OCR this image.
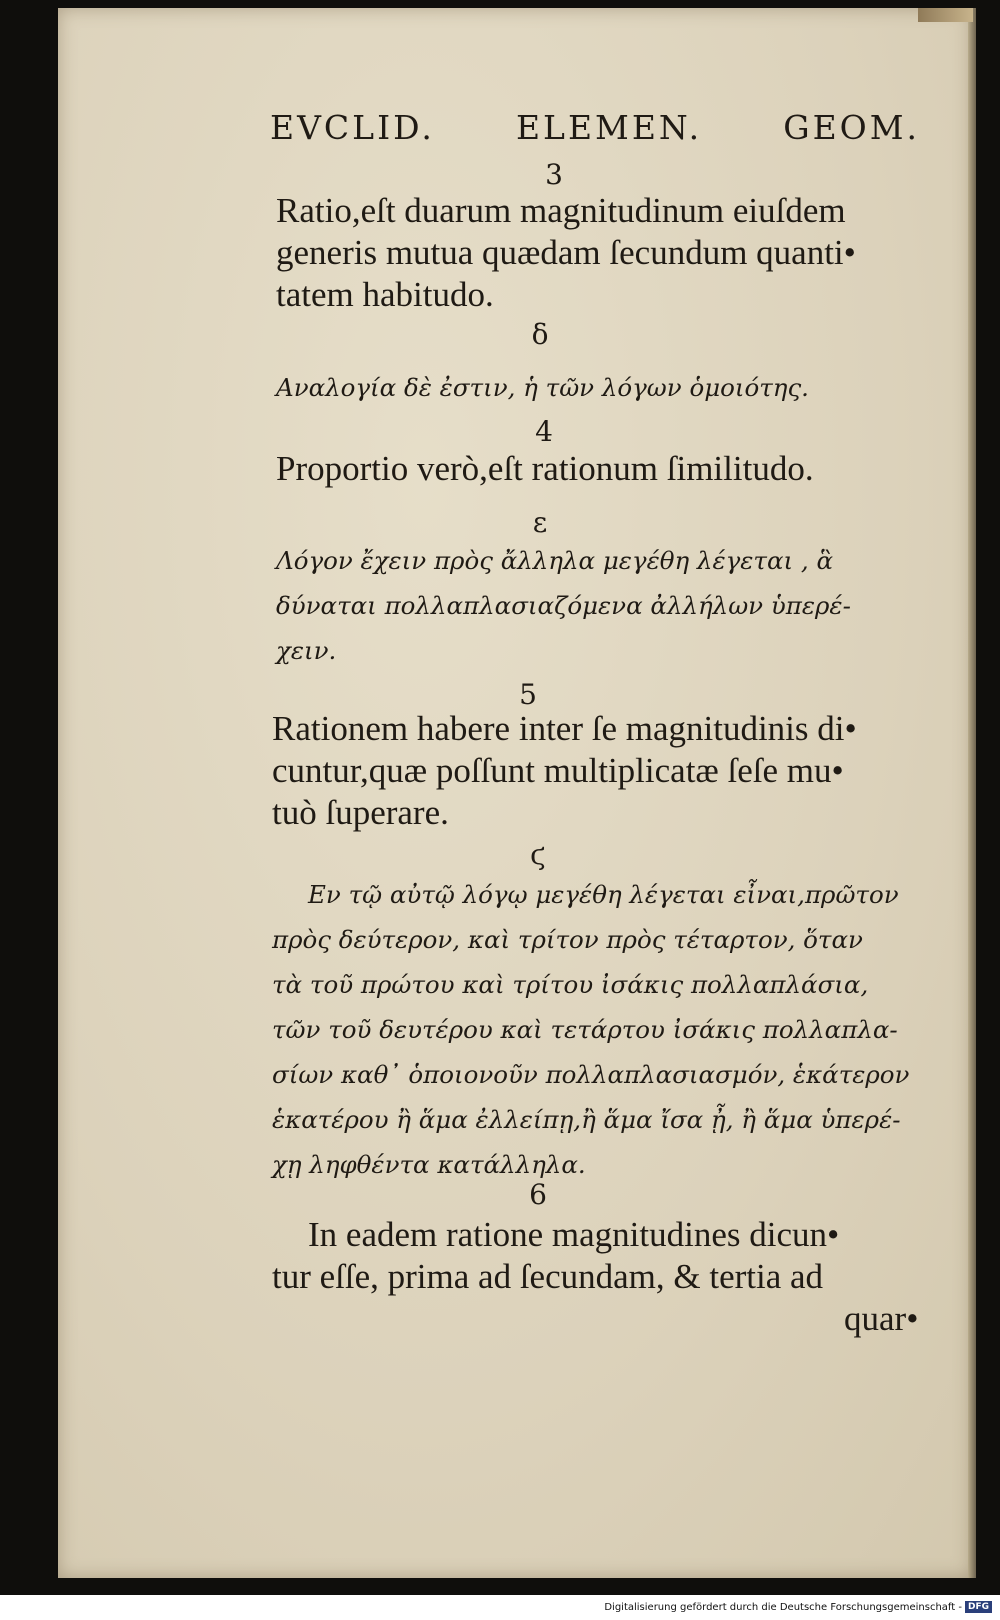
EVCLID. ELEMEN. GEOM.
3
Ratio,eſt duarum magnitudinum eiuſdem
generis mutua quædam ſecundum quanti•
tatem habitudo.
δ
Αναλογία δὲ ἐστιν, ἡ τῶν λόγων ὁμοιότης.
4
Proportio verò,eſt rationum ſimilitudo.
ε
Λόγον ἔχειν πρὸς ἄλληλα μεγέθη λέγεται , ἃ
δύναται πολλαπλασιαζόμενα ἀλλήλων ὑπερέ-
χειν.
5
Rationem habere inter ſe magnitudinis di•
cuntur,quæ poſſunt multiplicatæ ſeſe mu•
tuò ſuperare.
ϛ
Εν τῷ αὐτῷ λόγῳ μεγέθη λέγεται εἶναι,πρῶτον
πρὸς δεύτερον, καὶ τρίτον πρὸς τέταρτον, ὅταν
τὰ τοῦ πρώτου καὶ τρίτου ἰσάκις πολλαπλάσια,
τῶν τοῦ δευτέρου καὶ τετάρτου ἰσάκις πολλαπλα-
σίων καθ᾽ ὁποιονοῦν πολλαπλασιασμόν, ἑκάτερον
ἑκατέρου ἢ ἅμα ἐλλείπῃ,ἢ ἅμα ἴσα ᾖ, ἢ ἅμα ὑπερέ-
χῃ ληφθέντα κατάλληλα.
6
In eadem ratione magnitudines dicun•
tur eſſe, prima ad ſecundam, & tertia ad
quar•
Digitalisierung gefördert durch die Deutsche Forschungsgemeinschaft - DFG
